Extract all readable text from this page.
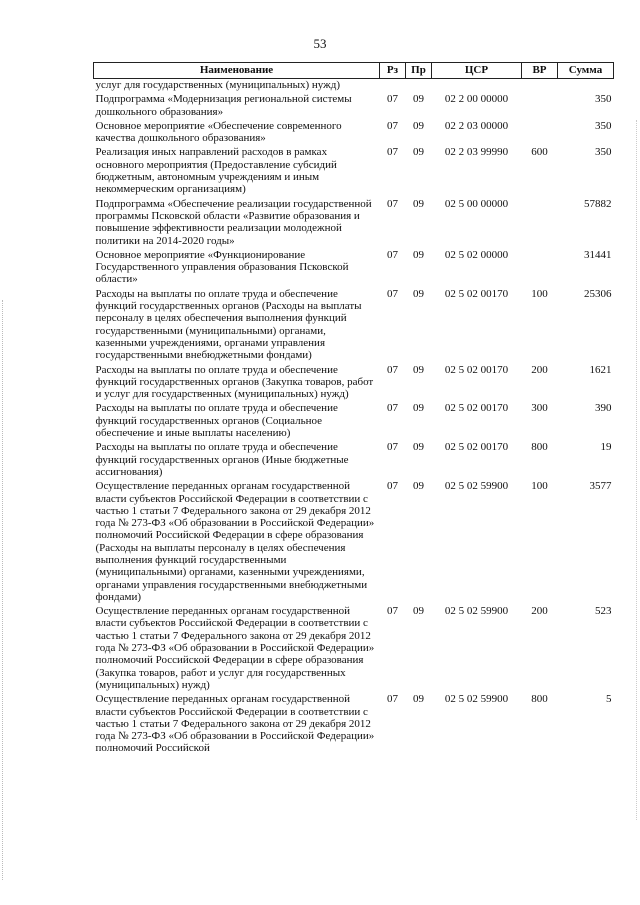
53
Наименование	Рз	Пр	ЦСР	ВР	Сумма
услуг для государственных (муниципальных) нужд)					
Подпрограмма «Модернизация региональной системы дошкольного образования»	07	09	02 2 00 00000		350
Основное мероприятие «Обеспечение современного качества дошкольного образования»	07	09	02 2 03 00000		350
Реализация иных направлений расходов в рамках основного мероприятия (Предоставление субсидий бюджетным, автономным учреждениям и иным некоммерческим организациям)	07	09	02 2 03 99990	600	350
Подпрограмма «Обеспечение реализации государственной программы Псковской области «Развитие образования и повышение эффективности реализации молодежной политики на 2014-2020 годы»	07	09	02 5 00 00000		57882
Основное мероприятие «Функционирование Государственного управления образования Псковской области»	07	09	02 5 02 00000		31441
Расходы на выплаты по оплате труда и обеспечение функций государственных органов (Расходы на выплаты персоналу в целях обеспечения выполнения функций государственными (муниципальными) органами, казенными учреждениями, органами управления государственными внебюджетными фондами)	07	09	02 5 02 00170	100	25306
Расходы на выплаты по оплате труда и обеспечение функций государственных органов (Закупка товаров, работ и услуг для государственных (муниципальных) нужд)	07	09	02 5 02 00170	200	1621
Расходы на выплаты по оплате труда и обеспечение функций государственных органов (Социальное обеспечение и иные выплаты населению)	07	09	02 5 02 00170	300	390
Расходы на выплаты по оплате труда и обеспечение функций государственных органов (Иные бюджетные ассигнования)	07	09	02 5 02 00170	800	19
Осуществление переданных органам государственной власти субъектов Российской Федерации в соответствии с частью 1 статьи 7 Федерального закона от 29 декабря 2012 года № 273-ФЗ «Об образовании в Российской Федерации» полномочий Российской Федерации в сфере образования (Расходы на выплаты персоналу в целях обеспечения выполнения функций государственными (муниципальными) органами, казенными учреждениями, органами управления государственными внебюджетными фондами)	07	09	02 5 02 59900	100	3577
Осуществление переданных органам государственной власти субъектов Российской Федерации в соответствии с частью 1 статьи 7 Федерального закона от 29 декабря 2012 года № 273-ФЗ «Об образовании в Российской Федерации» полномочий Российской Федерации в сфере образования (Закупка товаров, работ и услуг для государственных (муниципальных) нужд)	07	09	02 5 02 59900	200	523
Осуществление переданных органам государственной власти субъектов Российской Федерации в соответствии с частью 1 статьи 7 Федерального закона от 29 декабря 2012 года № 273-ФЗ «Об образовании в Российской Федерации» полномочий Российской	07	09	02 5 02 59900	800	5
